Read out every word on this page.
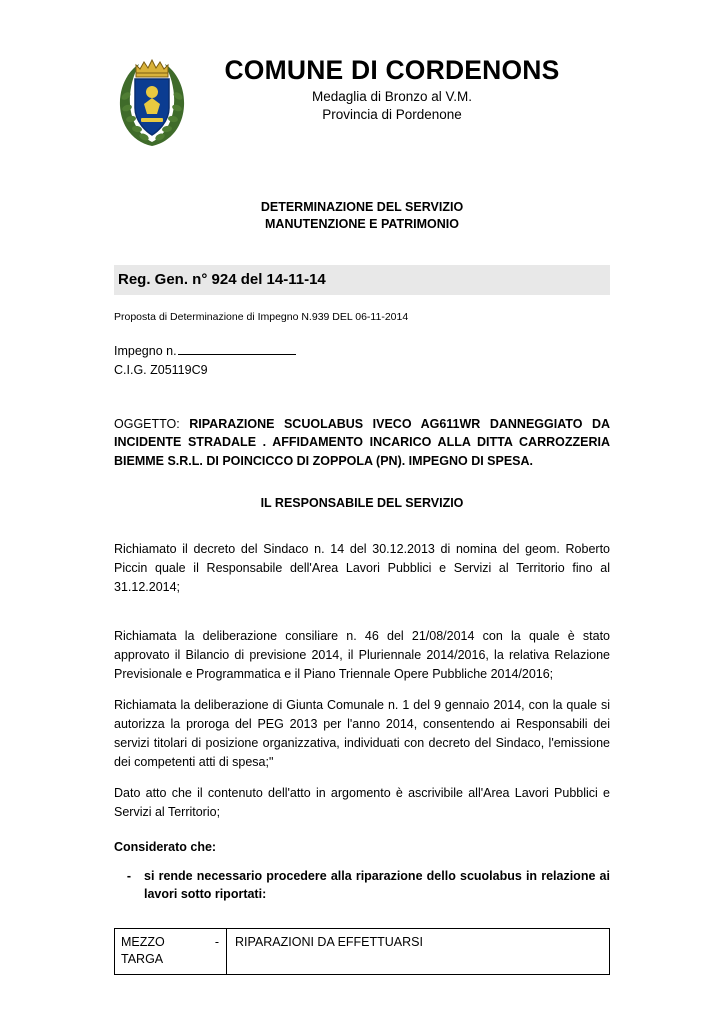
COMUNE DI CORDENONS
Medaglia di Bronzo al V.M.
Provincia di Pordenone
DETERMINAZIONE DEL SERVIZIO
MANUTENZIONE E PATRIMONIO
Reg. Gen. n° 924 del 14-11-14
Proposta di Determinazione di Impegno N.939 DEL 06-11-2014
Impegno n.
C.I.G. Z05119C9
OGGETTO: RIPARAZIONE SCUOLABUS IVECO AG611WR DANNEGGIATO DA INCIDENTE STRADALE . AFFIDAMENTO INCARICO ALLA DITTA CARROZZERIA BIEMME S.R.L. DI POINCICCO DI ZOPPOLA (PN). IMPEGNO DI SPESA.
IL RESPONSABILE DEL SERVIZIO
Richiamato il decreto del Sindaco n. 14 del 30.12.2013 di nomina del geom. Roberto Piccin quale il Responsabile dell'Area Lavori Pubblici e Servizi al Territorio fino al 31.12.2014;
Richiamata la deliberazione consiliare n. 46 del 21/08/2014 con la quale è stato approvato il Bilancio di previsione 2014, il Pluriennale 2014/2016, la relativa Relazione Previsionale e Programmatica e il Piano Triennale Opere Pubbliche 2014/2016;
Richiamata la deliberazione di Giunta Comunale n. 1 del 9 gennaio 2014, con la quale si autorizza la proroga del PEG 2013 per l'anno 2014, consentendo ai Responsabili dei servizi titolari di posizione organizzativa, individuati con decreto del Sindaco, l'emissione dei competenti atti di spesa;"
Dato atto che il contenuto dell'atto in argomento è ascrivibile all'Area Lavori Pubblici e Servizi al Territorio;
Considerato che:
-	si rende necessario procedere alla riparazione dello scuolabus in relazione ai lavori sotto riportati:
MEZZO
TARGA
-	RIPARAZIONI DA EFFETTUARSI
